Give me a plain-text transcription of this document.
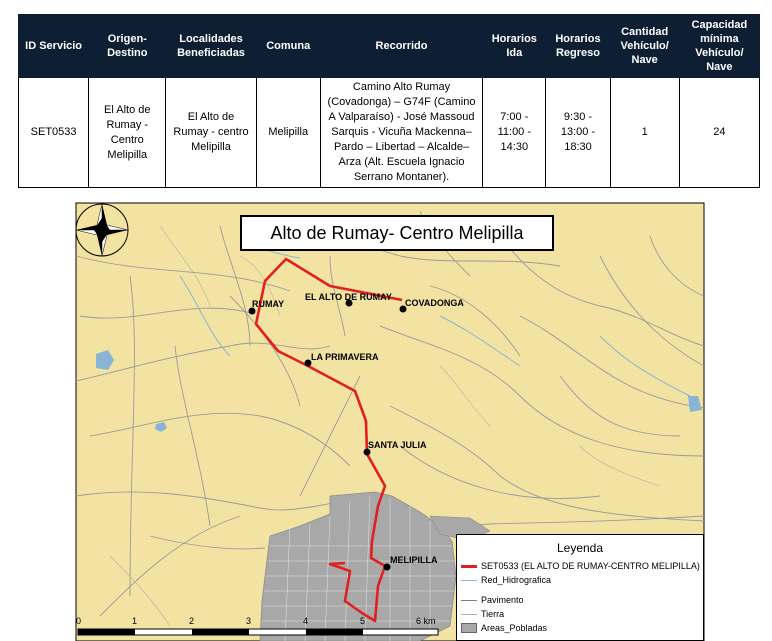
ID Servicio	Origen- Destino	Localidades Beneficiadas	Comuna	Recorrido	Horarios Ida	Horarios Regreso	Cantidad Vehículo/ Nave	Capacidad mínima Vehículo/ Nave
SET0533	El Alto de Rumay - Centro Melipilla	El Alto de Rumay - centro Melipilla	Melipilla	Camino Alto Rumay (Covadonga) – G74F (Camino A Valparaíso) - José Massoud Sarquis - Vicuña Mackenna– Pardo – Libertad – Alcalde– Arza (Alt. Escuela Ignacio Serrano Montaner).	7:00 - 11:00 - 14:30	9:30 - 13:00 - 18:30	1	24
Alto de Rumay- Centro Melipilla
RUMAY
EL ALTO DE RUMAY
COVADONGA
LA PRIMAVERA
SANTA JULIA
MELIPILLA
0	1	2	3	4	5	6 km
Leyenda
SET0533 (EL ALTO DE RUMAY-CENTRO MELIPILLA)
Red_Hidrografica
Pavimento
Tierra
Areas_Pobladas
